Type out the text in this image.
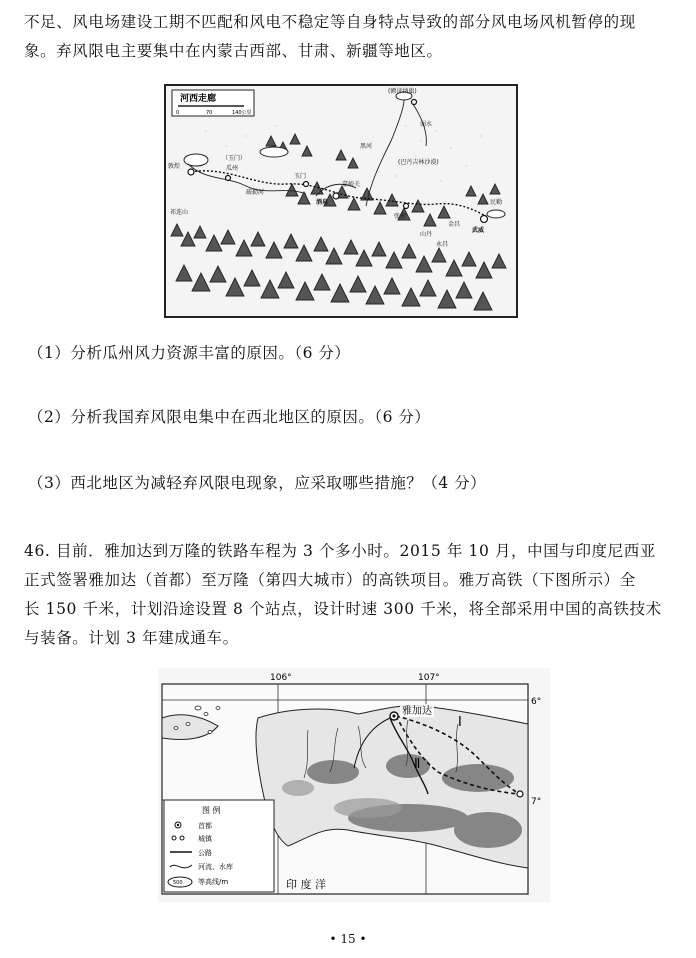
不足、风电场建设工期不匹配和风电不稳定等自身特点导致的部分风电场风机暂停的现
象。弃风限电主要集中在内蒙古西部、甘肃、新疆等地区。

河西走廊
0	70	140公里
敦煌
（玉门）
瓜州
玉门
酒泉
(巴丹吉林沙漠)
(额济纳旗)
嘉峪关
武威
张掖
祁连山
黑河
山丹
民勤
永昌
金昌
疏勒河
弱水

（1）分析瓜州风力资源丰富的原因。（6 分）

（2）分析我国弃风限电集中在西北地区的原因。（6 分）

（3）西北地区为减轻弃风限电现象，应采取哪些措施？（4 分）

46. 目前．雅加达到万隆的铁路车程为 3 个多小时。2015 年 10 月，中国与印度尼西亚
正式签署雅加达（首都）至万隆（第四大城市）的高铁项目。雅万高铁（下图所示）全
长 150 千米，计划沿途设置 8 个站点，设计时速 300 千米，将全部采用中国的高铁技术
与装备。计划 3 年建成通车。

106°	107°
6°
7°
雅加达
Ⅰ
Ⅱ
图 例
首都
城镇
公路
河流、水库
500 等高线/m	印 度 洋
• 15 •
